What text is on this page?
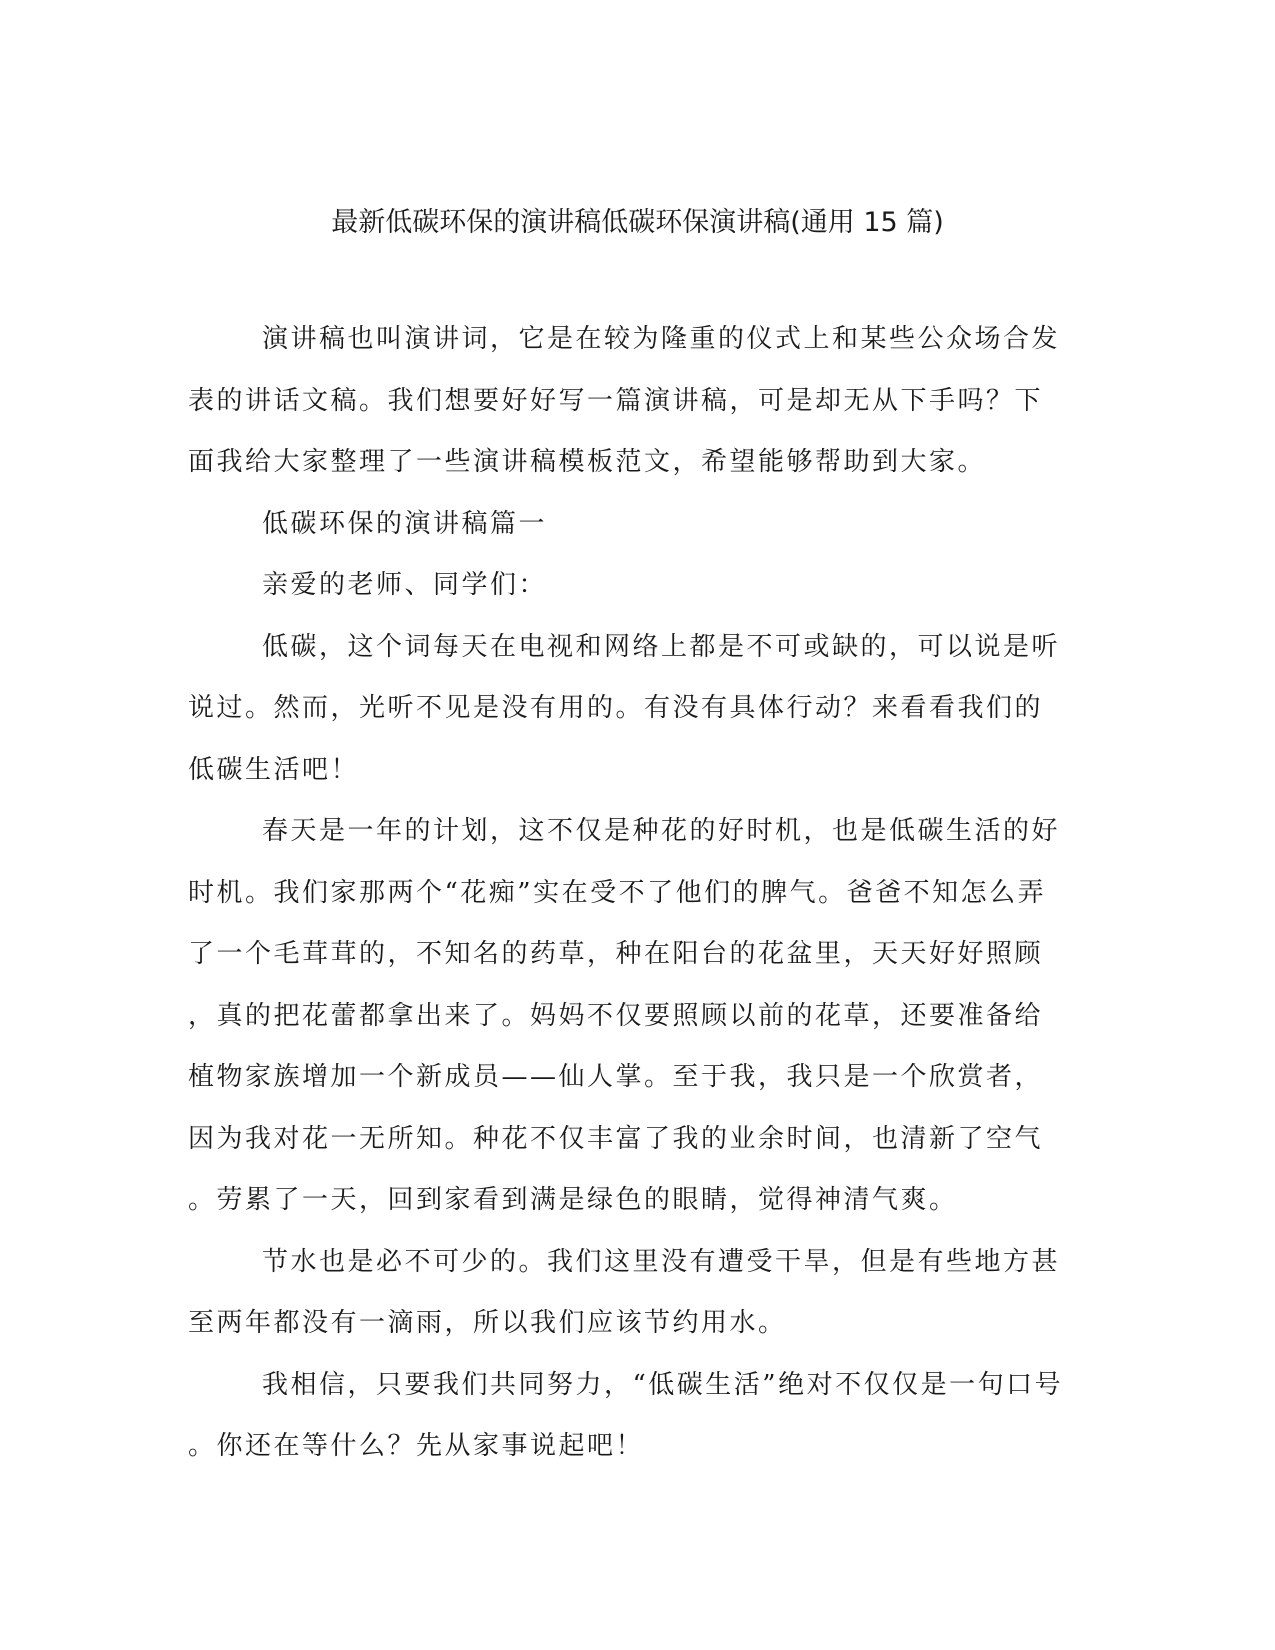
最新低碳环保的演讲稿低碳环保演讲稿(通用 15 篇)
演讲稿也叫演讲词，它是在较为隆重的仪式上和某些公众场合发
表的讲话文稿。我们想要好好写一篇演讲稿，可是却无从下手吗？下
面我给大家整理了一些演讲稿模板范文，希望能够帮助到大家。
低碳环保的演讲稿篇一
亲爱的老师、同学们：
低碳，这个词每天在电视和网络上都是不可或缺的，可以说是听
说过。然而，光听不见是没有用的。有没有具体行动？来看看我们的
低碳生活吧！
春天是一年的计划，这不仅是种花的好时机，也是低碳生活的好
时机。我们家那两个“花痴”实在受不了他们的脾气。爸爸不知怎么弄
了一个毛茸茸的，不知名的药草，种在阳台的花盆里，天天好好照顾
，真的把花蕾都拿出来了。妈妈不仅要照顾以前的花草，还要准备给
植物家族增加一个新成员——仙人掌。至于我，我只是一个欣赏者，
因为我对花一无所知。种花不仅丰富了我的业余时间，也清新了空气
。劳累了一天，回到家看到满是绿色的眼睛，觉得神清气爽。
节水也是必不可少的。我们这里没有遭受干旱，但是有些地方甚
至两年都没有一滴雨，所以我们应该节约用水。
我相信，只要我们共同努力，“低碳生活”绝对不仅仅是一句口号
。你还在等什么？先从家事说起吧！
